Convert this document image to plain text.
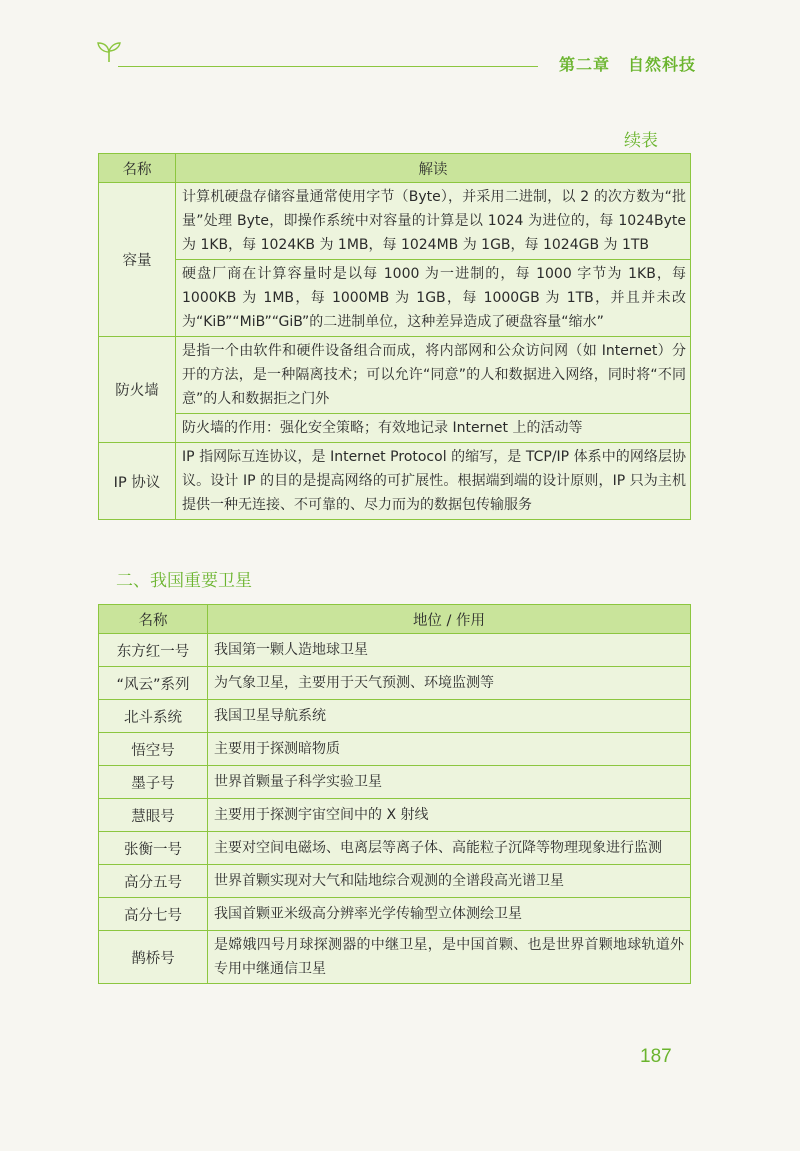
第二章 自然科技
续表
名称	解读
容量	计算机硬盘存储容量通常使用字节（Byte），并采用二进制，以 2 的次方数为“批量”处理 Byte，即操作系统中对容量的计算是以 1024 为进位的，每 1024Byte 为 1KB，每 1024KB 为 1MB，每 1024MB 为 1GB，每 1024GB 为 1TB
	硬盘厂商在计算容量时是以每 1000 为一进制的，每 1000 字节为 1KB，每 1000KB 为 1MB，每 1000MB 为 1GB，每 1000GB 为 1TB，并且并未改为“KiB”“MiB”“GiB”的二进制单位，这种差异造成了硬盘容量“缩水”
防火墙	是指一个由软件和硬件设备组合而成，将内部网和公众访问网（如 Internet）分开的方法，是一种隔离技术；可以允许“同意”的人和数据进入网络，同时将“不同意”的人和数据拒之门外
	防火墙的作用：强化安全策略；有效地记录 Internet 上的活动等
IP 协议	IP 指网际互连协议，是 Internet Protocol 的缩写，是 TCP/IP 体系中的网络层协议。设计 IP 的目的是提高网络的可扩展性。根据端到端的设计原则，IP 只为主机提供一种无连接、不可靠的、尽力而为的数据包传输服务
二、我国重要卫星
名称	地位 / 作用
东方红一号	我国第一颗人造地球卫星
“风云”系列	为气象卫星，主要用于天气预测、环境监测等
北斗系统	我国卫星导航系统
悟空号	主要用于探测暗物质
墨子号	世界首颗量子科学实验卫星
慧眼号	主要用于探测宇宙空间中的 X 射线
张衡一号	主要对空间电磁场、电离层等离子体、高能粒子沉降等物理现象进行监测
高分五号	世界首颗实现对大气和陆地综合观测的全谱段高光谱卫星
高分七号	我国首颗亚米级高分辨率光学传输型立体测绘卫星
鹊桥号	是嫦娥四号月球探测器的中继卫星，是中国首颗、也是世界首颗地球轨道外专用中继通信卫星
187
